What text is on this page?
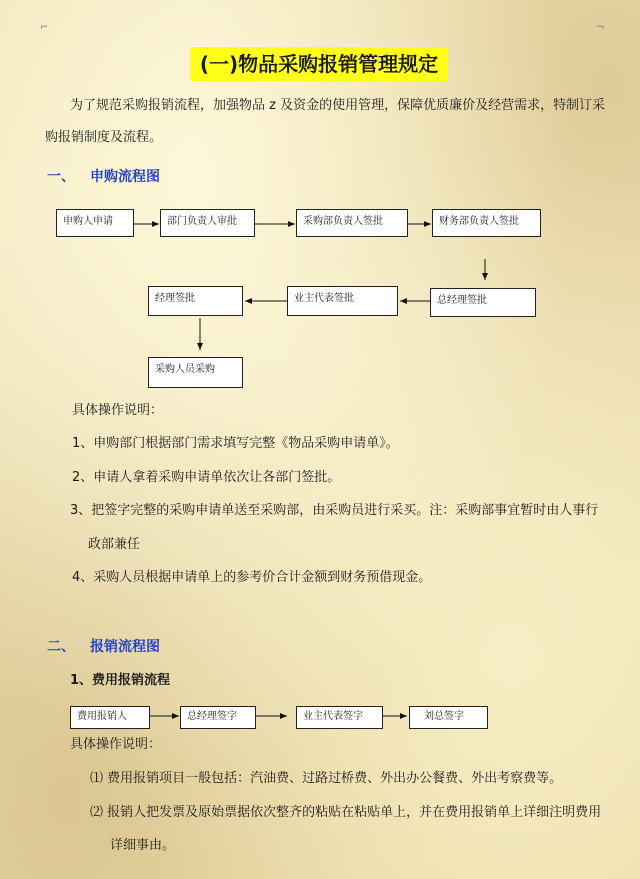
(一)物品采购报销管理规定
为了规范采购报销流程，加强物品 z 及资金的使用管理，保障优质廉价及经营需求，特制订采
购报销制度及流程。
一、 申购流程图
申购人申请	部门负责人审批	采购部负责人签批	财务部负责人签批
总经理签批
业主代表签批
经理签批
采购人员采购
费用报销人	总经理签字	业主代表签字	刘总签字
具体操作说明：
1、申购部门根据部门需求填写完整《物品采购申请单》。
2、申请人拿着采购申请单依次让各部门签批。
3、把签字完整的采购申请单送至采购部，由采购员进行采买。注：采购部事宜暂时由人事行
政部兼任
4、采购人员根据申请单上的参考价合计金额到财务预借现金。
二、 报销流程图
1、费用报销流程
具体操作说明：
⑴ 费用报销项目一般包括：汽油费、过路过桥费、外出办公餐费、外出考察费等。
⑵ 报销人把发票及原始票据依次整齐的粘贴在粘贴单上，并在费用报销单上详细注明费用
详细事由。
⌐	¬
